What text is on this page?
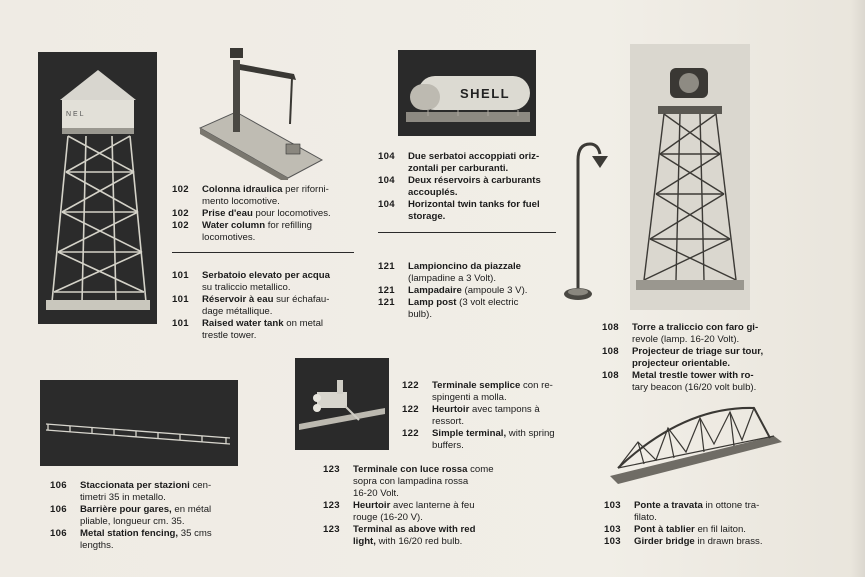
N E L
102	Colonna idraulica per riforni-
mento locomotive.
102	Prise d'eau pour locomotives.
102	Water column for refilling
locomotives.
101	Serbatoio elevato per acqua
su traliccio metallico.
101	Réservoir à eau sur échafau-
dage métallique.
101	Raised water tank on metal
trestle tower.
SHELL
104	Due serbatoi accoppiati oriz-
zontali per carburanti.
104	Deux réservoirs à carburants
accouplés.
104	Horizontal twin tanks for fuel
storage.
121	Lampioncino da piazzale
(lampadine a 3 Volt).
121	Lampadaire (ampoule 3 V).
121	Lamp post (3 volt electric
bulb).
108	Torre a traliccio con faro gi-
revole (lamp. 16-20 Volt).
108	Projecteur de triage sur tour,
projecteur orientable.
108	Metal trestle tower with ro-
tary beacon (16/20 volt bulb).
106	Staccionata per stazioni cen-
timetri 35 in metallo.
106	Barrière pour gares, en métal
pliable, longueur cm. 35.
106	Metal station fencing, 35 cms
lengths.
122	Terminale semplice con re-
spingenti a molla.
122	Heurtoir avec tampons à
ressort.
122	Simple terminal, with spring
buffers.
123	Terminale con luce rossa come
sopra con lampadina rossa
16-20 Volt.
123	Heurtoir avec lanterne à feu
rouge (16-20 V).
123	Terminal as above with red
light, with 16/20 red bulb.
103	Ponte a travata in ottone tra-
filato.
103	Pont à tablier en fil laiton.
103	Girder bridge in drawn brass.
